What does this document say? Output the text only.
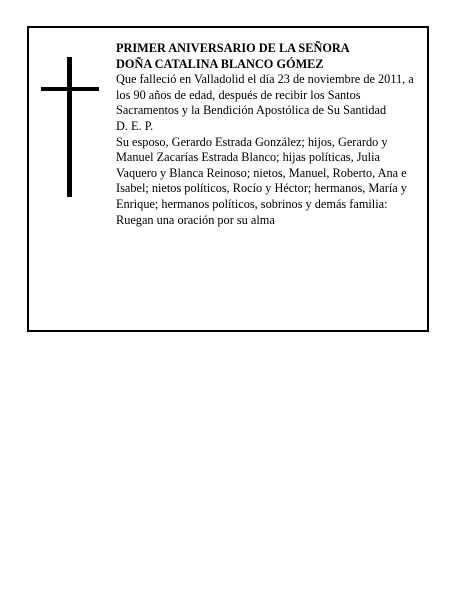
PRIMER ANIVERSARIO DE LA SEÑORA

DOÑA CATALINA BLANCO GÓMEZ

Que falleció en Valladolid el día 23 de noviembre de 2011, a los 90 años de edad, después de recibir los Santos Sacramentos y la Bendición Apostólica de Su Santidad

D. E. P.

Su esposo, Gerardo Estrada González; hijos, Gerardo y Manuel Zacarías Estrada Blanco; hijas políticas, Julia Vaquero y Blanca Reinoso; nietos, Manuel, Roberto, Ana e Isabel; nietos políticos, Rocío y Héctor; hermanos, María y Enrique; hermanos políticos, sobrinos y demás familia:

Ruegan una oración por su alma
